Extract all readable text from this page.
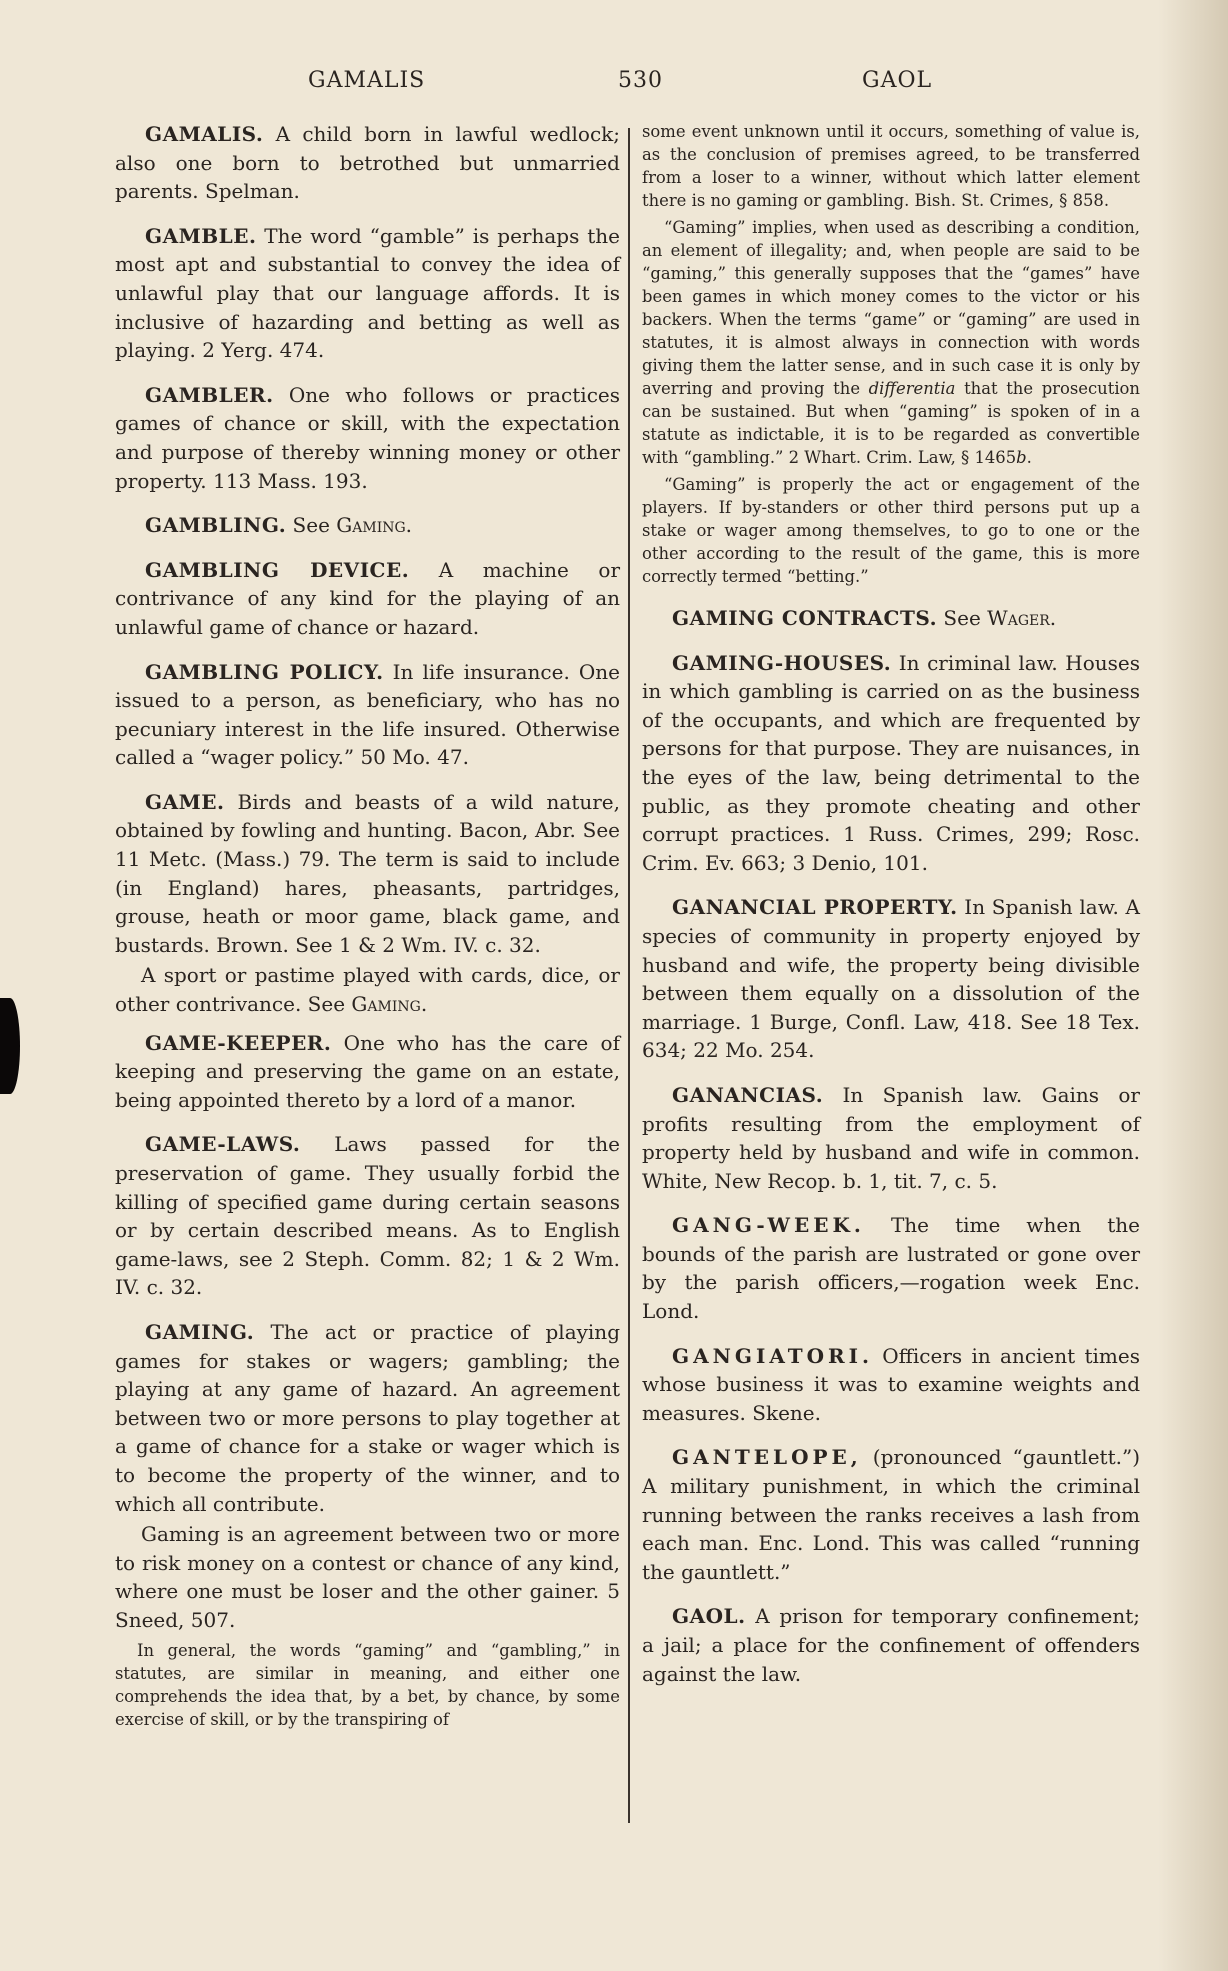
GAMALIS	530	GAOL

GAMALIS. A child born in lawful wedlock; also one born to betrothed but unmarried parents. Spelman.

GAMBLE. The word “gamble” is perhaps the most apt and substantial to convey the idea of unlawful play that our language affords. It is inclusive of hazarding and betting as well as playing. 2 Yerg. 474.

GAMBLER. One who follows or practices games of chance or skill, with the expectation and purpose of thereby winning money or other property. 113 Mass. 193.

GAMBLING. See Gaming.

GAMBLING DEVICE. A machine or contrivance of any kind for the playing of an unlawful game of chance or hazard.

GAMBLING POLICY. In life insurance. One issued to a person, as beneficiary, who has no pecuniary interest in the life insured. Otherwise called a “wager policy.” 50 Mo. 47.

GAME. Birds and beasts of a wild nature, obtained by fowling and hunting. Bacon, Abr. See 11 Metc. (Mass.) 79. The term is said to include (in England) hares, pheasants, partridges, grouse, heath or moor game, black game, and bustards. Brown. See 1 & 2 Wm. IV. c. 32.

A sport or pastime played with cards, dice, or other contrivance. See Gaming.

GAME-KEEPER. One who has the care of keeping and preserving the game on an estate, being appointed thereto by a lord of a manor.

GAME-LAWS. Laws passed for the preservation of game. They usually forbid the killing of specified game during certain seasons or by certain described means. As to English game-laws, see 2 Steph. Comm. 82; 1 & 2 Wm. IV. c. 32.

GAMING. The act or practice of playing games for stakes or wagers; gambling; the playing at any game of hazard. An agreement between two or more persons to play together at a game of chance for a stake or wager which is to become the property of the winner, and to which all contribute.

Gaming is an agreement between two or more to risk money on a contest or chance of any kind, where one must be loser and the other gainer. 5 Sneed, 507.

In general, the words “gaming” and “gambling,” in statutes, are similar in meaning, and either one comprehends the idea that, by a bet, by chance, by some exercise of skill, or by the transpiring of

some event unknown until it occurs, something of value is, as the conclusion of premises agreed, to be transferred from a loser to a winner, without which latter element there is no gaming or gambling. Bish. St. Crimes, § 858.

“Gaming” implies, when used as describing a condition, an element of illegality; and, when people are said to be “gaming,” this generally supposes that the “games” have been games in which money comes to the victor or his backers. When the terms “game” or “gaming” are used in statutes, it is almost always in connection with words giving them the latter sense, and in such case it is only by averring and proving the differentia that the prosecution can be sustained. But when “gaming” is spoken of in a statute as indictable, it is to be regarded as convertible with “gambling.” 2 Whart. Crim. Law, § 1465b.

“Gaming” is properly the act or engagement of the players. If by-standers or other third persons put up a stake or wager among themselves, to go to one or the other according to the result of the game, this is more correctly termed “betting.”

GAMING CONTRACTS. See Wager.

GAMING-HOUSES. In criminal law. Houses in which gambling is carried on as the business of the occupants, and which are frequented by persons for that purpose. They are nuisances, in the eyes of the law, being detrimental to the public, as they promote cheating and other corrupt practices. 1 Russ. Crimes, 299; Rosc. Crim. Ev. 663; 3 Denio, 101.

GANANCIAL PROPERTY. In Spanish law. A species of community in property enjoyed by husband and wife, the property being divisible between them equally on a dissolution of the marriage. 1 Burge, Confl. Law, 418. See 18 Tex. 634; 22 Mo. 254.

GANANCIAS. In Spanish law. Gains or profits resulting from the employment of property held by husband and wife in common. White, New Recop. b. 1, tit. 7, c. 5.

GANG-WEEK. The time when the bounds of the parish are lustrated or gone over by the parish officers,—rogation week Enc. Lond.

GANGIATORI. Officers in ancient times whose business it was to examine weights and measures. Skene.

GANTELOPE, (pronounced “gauntlett.”) A military punishment, in which the criminal running between the ranks receives a lash from each man. Enc. Lond. This was called “running the gauntlett.”

GAOL. A prison for temporary confinement; a jail; a place for the confinement of offenders against the law.
